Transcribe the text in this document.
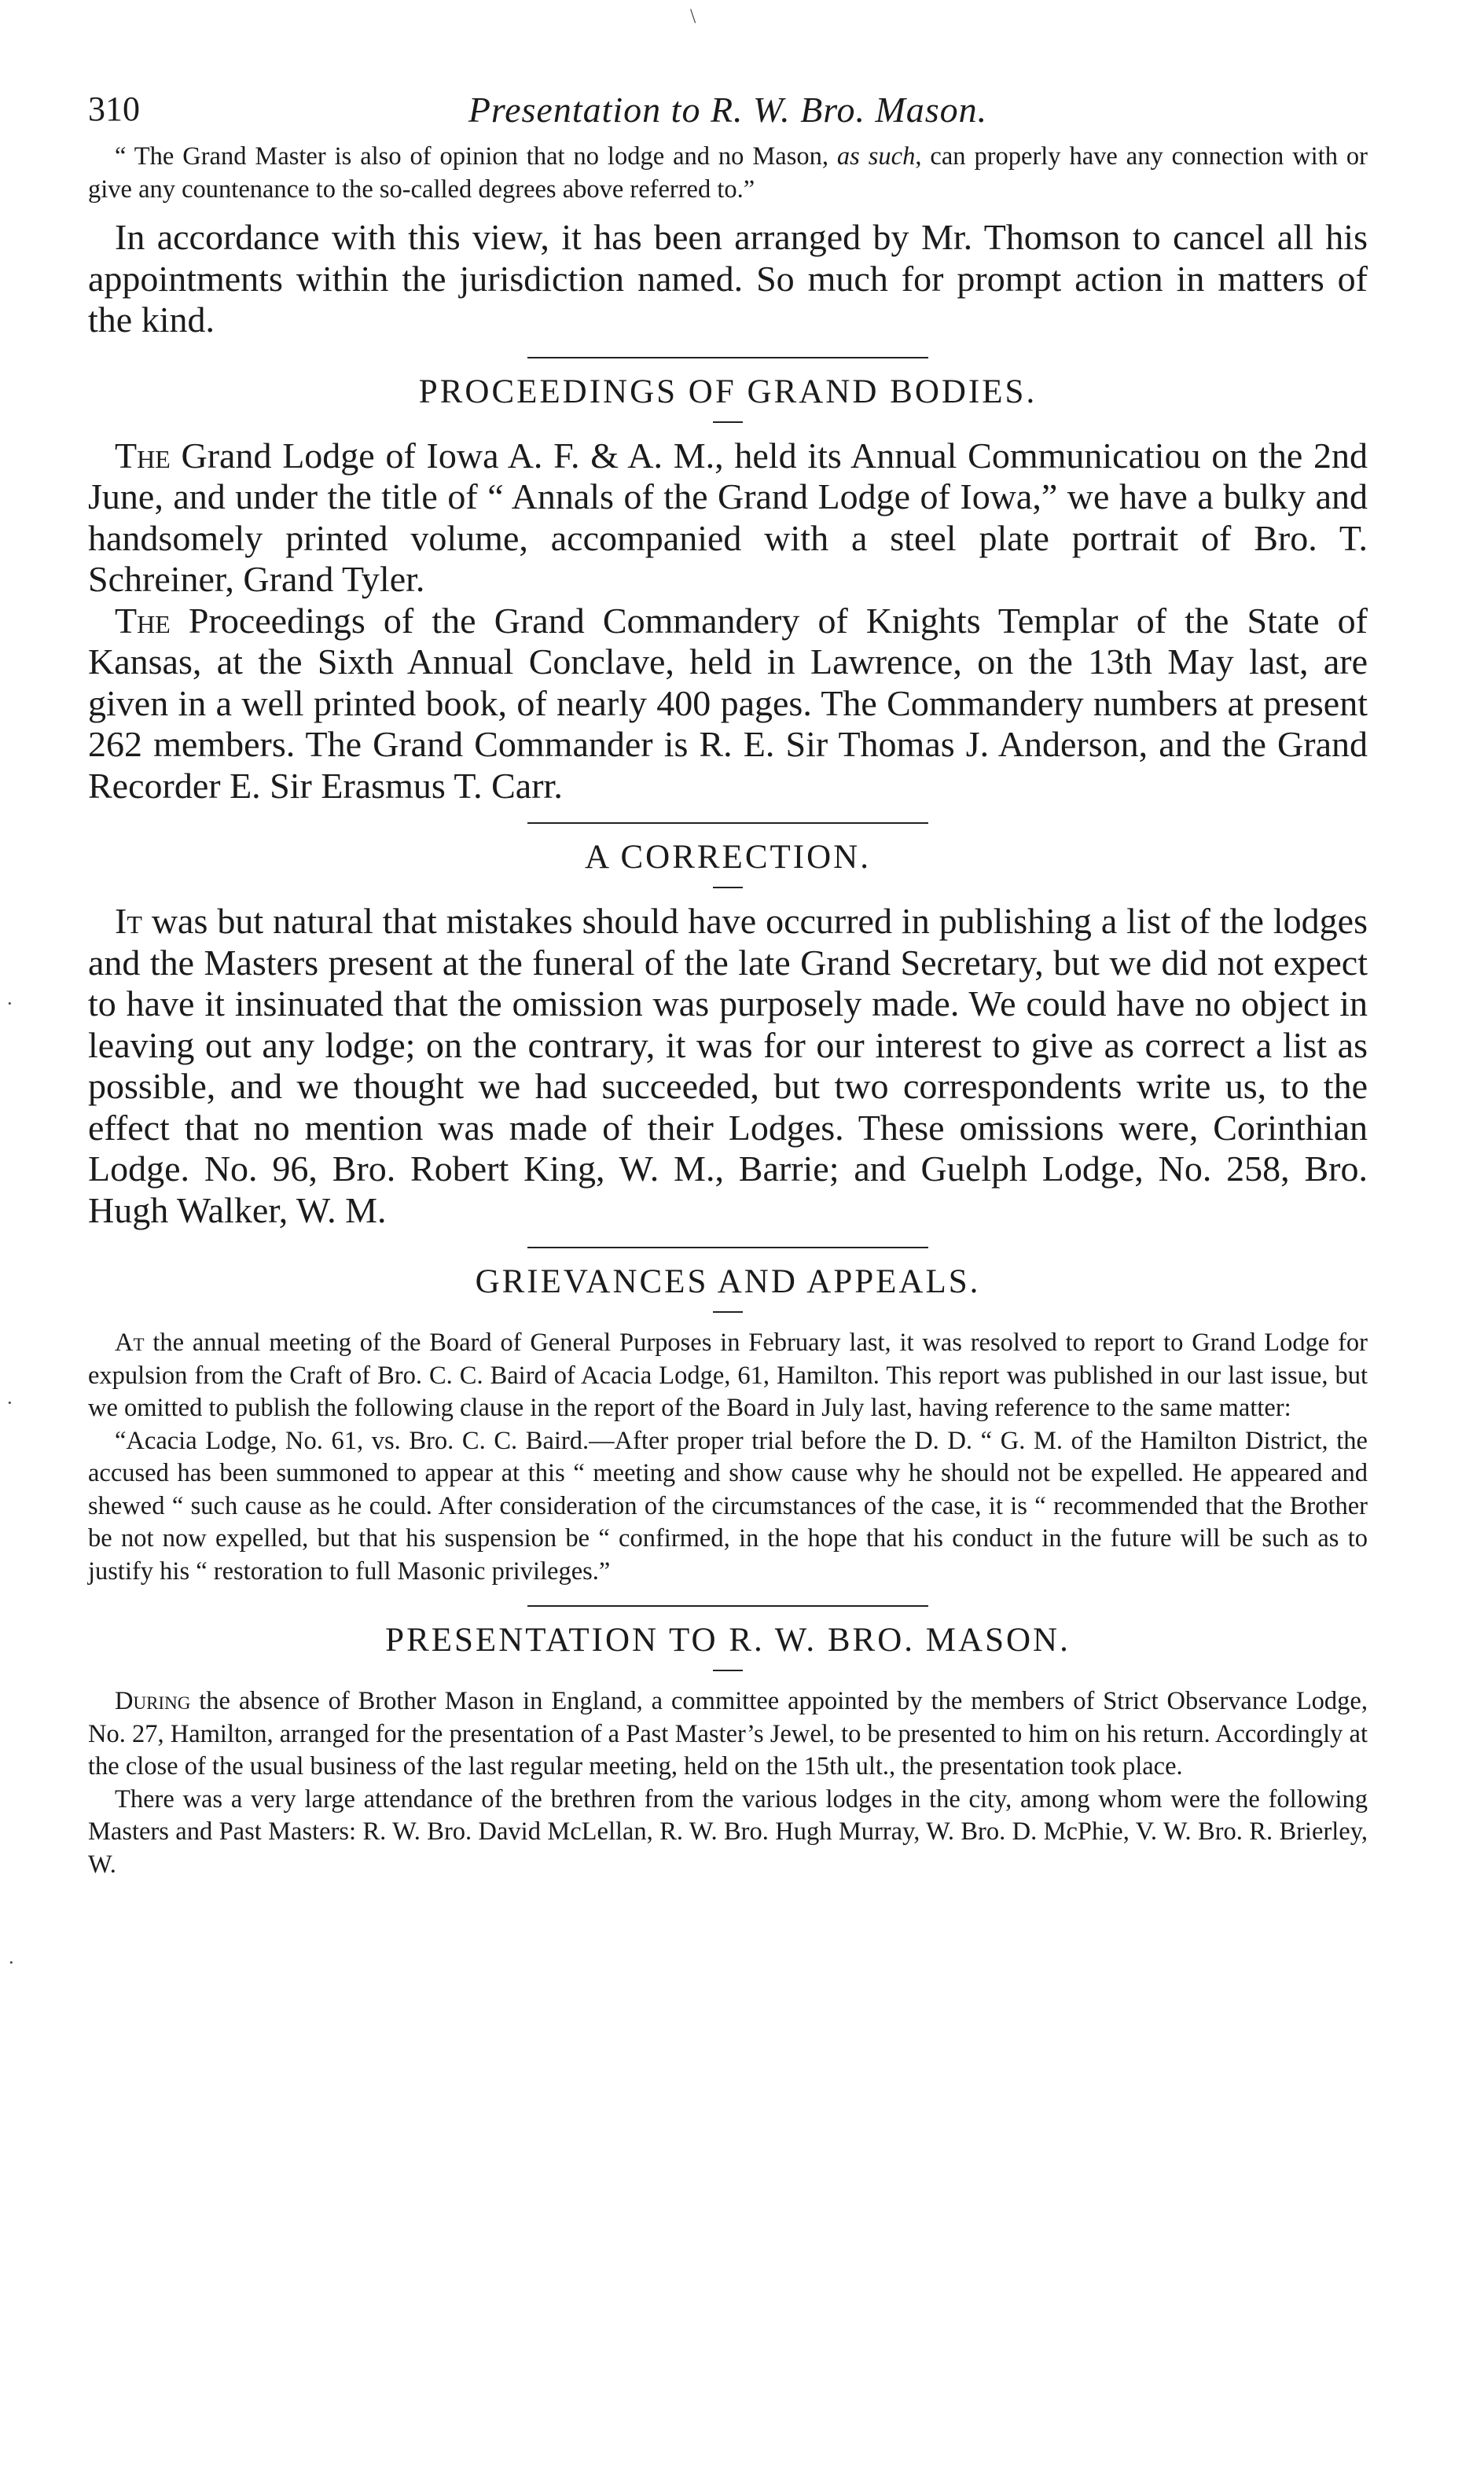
310	Presentation to R. W. Bro. Mason.

“ The Grand Master is also of opinion that no lodge and no Mason, as such, can properly have any connection with or give any countenance to the so-called degrees above referred to.”

In accordance with this view, it has been arranged by Mr. Thomson to cancel all his appointments within the jurisdiction named. So much for prompt action in matters of the kind.

PROCEEDINGS OF GRAND BODIES.

The Grand Lodge of Iowa A. F. & A. M., held its Annual Communicatiou on the 2nd June, and under the title of “ Annals of the Grand Lodge of Iowa,” we have a bulky and handsomely printed volume, accompanied with a steel plate portrait of Bro. T. Schreiner, Grand Tyler.

The Proceedings of the Grand Commandery of Knights Templar of the State of Kansas, at the Sixth Annual Conclave, held in Lawrence, on the 13th May last, are given in a well printed book, of nearly 400 pages. The Commandery numbers at present 262 members. The Grand Commander is R. E. Sir Thomas J. Anderson, and the Grand Recorder E. Sir Erasmus T. Carr.

A CORRECTION.

It was but natural that mistakes should have occurred in publishing a list of the lodges and the Masters present at the funeral of the late Grand Secretary, but we did not expect to have it insinuated that the omission was purposely made. We could have no object in leaving out any lodge; on the contrary, it was for our interest to give as correct a list as possible, and we thought we had succeeded, but two correspondents write us, to the effect that no mention was made of their Lodges. These omissions were, Corinthian Lodge. No. 96, Bro. Robert King, W. M., Barrie; and Guelph Lodge, No. 258, Bro. Hugh Walker, W. M.

GRIEVANCES AND APPEALS.

At the annual meeting of the Board of General Purposes in February last, it was resolved to report to Grand Lodge for expulsion from the Craft of Bro. C. C. Baird of Acacia Lodge, 61, Hamilton. This report was published in our last issue, but we omitted to publish the following clause in the report of the Board in July last, having reference to the same matter:

“Acacia Lodge, No. 61, vs. Bro. C. C. Baird.—After proper trial before the D. D. “ G. M. of the Hamilton District, the accused has been summoned to appear at this “ meeting and show cause why he should not be expelled. He appeared and shewed “ such cause as he could. After consideration of the circumstances of the case, it is “ recommended that the Brother be not now expelled, but that his suspension be “ confirmed, in the hope that his conduct in the future will be such as to justify his “ restoration to full Masonic privileges.”

PRESENTATION TO R. W. BRO. MASON.

During the absence of Brother Mason in England, a committee appointed by the members of Strict Observance Lodge, No. 27, Hamilton, arranged for the presentation of a Past Master’s Jewel, to be presented to him on his return. Accordingly at the close of the usual business of the last regular meeting, held on the 15th ult., the presentation took place.

There was a very large attendance of the brethren from the various lodges in the city, among whom were the following Masters and Past Masters: R. W. Bro. David McLellan, R. W. Bro. Hugh Murray, W. Bro. D. McPhie, V. W. Bro. R. Brierley, W.

\
·
·
·
